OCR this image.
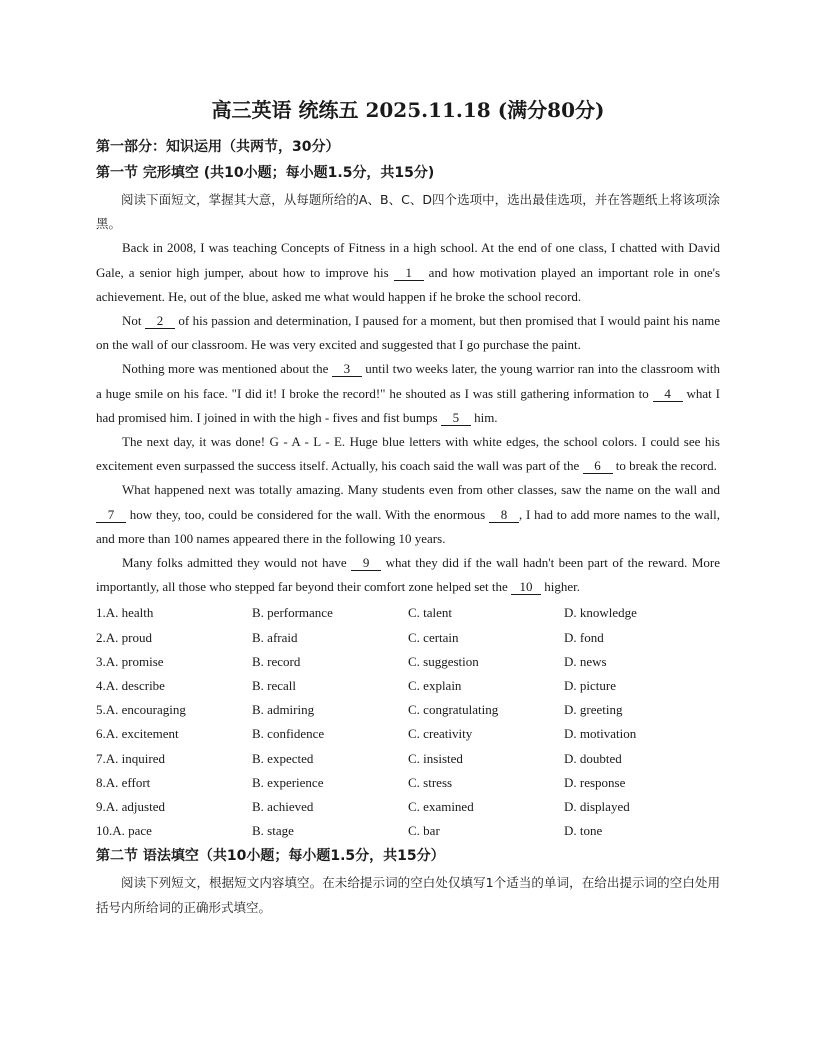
高三英语 统练五 2025.11.18 (满分80分)
第一部分：知识运用（共两节，30分）
第一节 完形填空 (共10小题；每小题1.5分，共15分)

阅读下面短文，掌握其大意，从每题所给的A、B、C、D四个选项中，选出最佳选项，并在答题纸上将该项涂黑。

Back in 2008, I was teaching Concepts of Fitness in a high school. At the end of one class, I chatted with David Gale, a senior high jumper, about how to improve his 1 and how motivation played an important role in one's achievement. He, out of the blue, asked me what would happen if he broke the school record.

Not 2 of his passion and determination, I paused for a moment, but then promised that I would paint his name on the wall of our classroom. He was very excited and suggested that I go purchase the paint.

Nothing more was mentioned about the 3 until two weeks later, the young warrior ran into the classroom with a huge smile on his face. "I did it! I broke the record!" he shouted as I was still gathering information to 4 what I had promised him. I joined in with the high - fives and fist bumps 5 him.

The next day, it was done! G - A - L - E. Huge blue letters with white edges, the school colors. I could see his excitement even surpassed the success itself. Actually, his coach said the wall was part of the 6 to break the record.

What happened next was totally amazing. Many students even from other classes, saw the name on the wall and 7 how they, too, could be considered for the wall. With the enormous 8 , I had to add more names to the wall, and more than 100 names appeared there in the following 10 years.

Many folks admitted they would not have 9 what they did if the wall hadn't been part of the reward. More importantly, all those who stepped far beyond their comfort zone helped set the 10 higher.

1.A. health	B. performance	C. talent	D. knowledge
2.A. proud	B. afraid	C. certain	D. fond
3.A. promise	B. record	C. suggestion	D. news
4.A. describe	B. recall	C. explain	D. picture
5.A. encouraging	B. admiring	C. congratulating	D. greeting
6.A. excitement	B. confidence	C. creativity	D. motivation
7.A. inquired	B. expected	C. insisted	D. doubted
8.A. effort	B. experience	C. stress	D. response
9.A. adjusted	B. achieved	C. examined	D. displayed
10.A. pace	B. stage	C. bar	D. tone
第二节 语法填空（共10小题；每小题1.5分，共15分）

阅读下列短文，根据短文内容填空。在未给提示词的空白处仅填写1个适当的单词，在给出提示词的空白处用括号内所给词的正确形式填空。
